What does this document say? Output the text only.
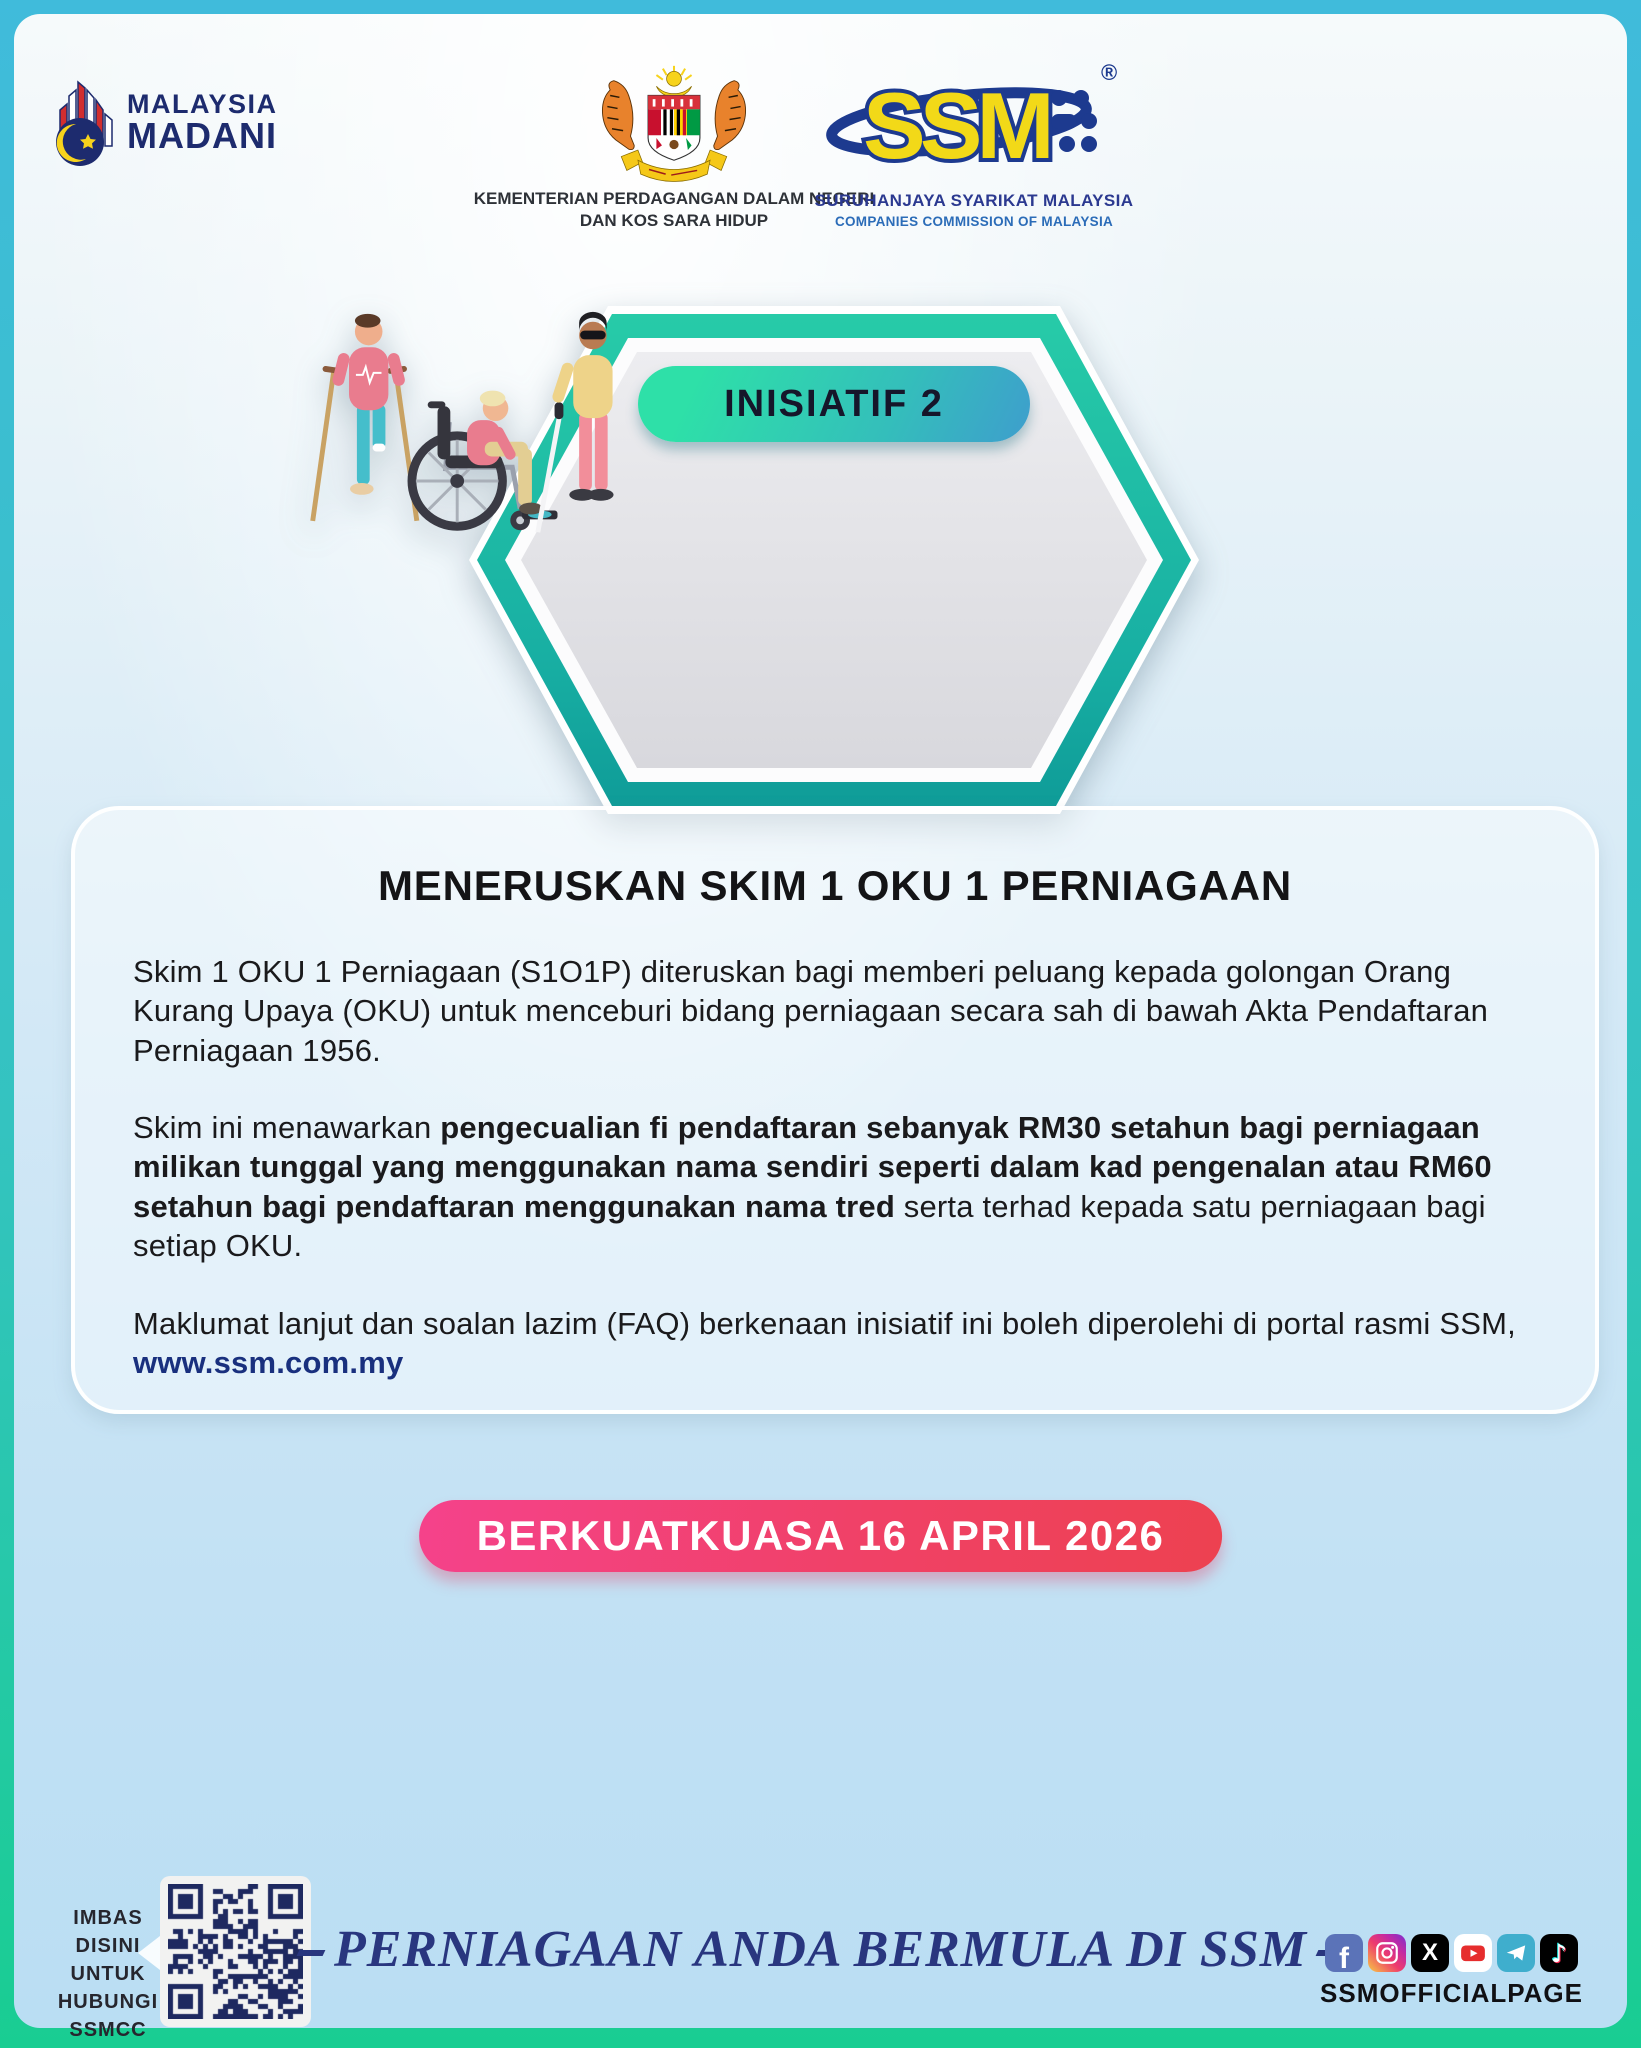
MALAYSIA
MADANI
KEMENTERIAN PERDAGANGAN DALAM NEGERI
DAN KOS SARA HIDUP
SSM
®
SURUHANJAYA SYARIKAT MALAYSIA
COMPANIES COMMISSION OF MALAYSIA
INISIATIF 2
MENERUSKAN SKIM 1 OKU 1 PERNIAGAAN

Skim 1 OKU 1 Perniagaan (S1O1P) diteruskan bagi memberi peluang kepada golongan Orang Kurang Upaya (OKU) untuk menceburi bidang perniagaan secara sah di bawah Akta Pendaftaran Perniagaan 1956.

Skim ini menawarkan pengecualian fi pendaftaran sebanyak RM30 setahun bagi perniagaan milikan tunggal yang menggunakan nama sendiri seperti dalam kad pengenalan atau RM60 setahun bagi pendaftaran menggunakan nama tred serta terhad kepada satu perniagaan bagi setiap OKU.

Maklumat lanjut dan soalan lazim (FAQ) berkenaan inisiatif ini boleh diperolehi di portal rasmi SSM, www.ssm.com.my

BERKUATKUASA 16 APRIL 2026
IMBAS DISINI UNTUK HUBUNGI SSMCC
PERNIAGAAN ANDA BERMULA DI SSM	f	X	♪
SSMOFFICIALPAGE
